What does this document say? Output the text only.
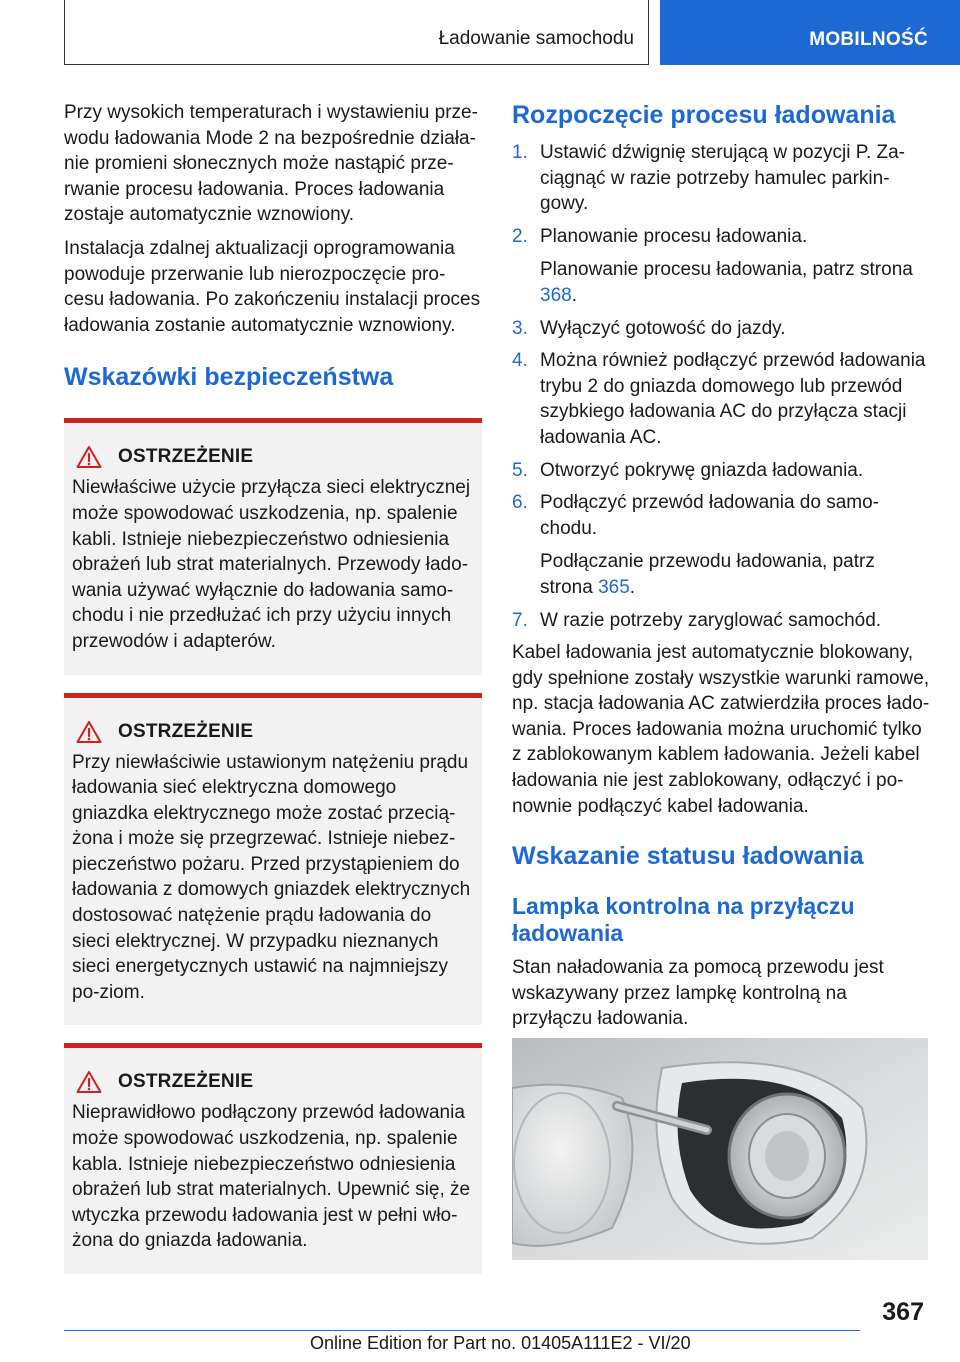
Ładowanie samochodu	MOBILNOŚĆ

Przy wysokich temperaturach i wystawieniu prze-wodu ładowania Mode 2 na bezpośrednie działa-nie promieni słonecznych może nastąpić prze-rwanie procesu ładowania. Proces ładowania zostaje automatycznie wznowiony.

Instalacja zdalnej aktualizacji oprogramowania powoduje przerwanie lub nierozpoczęcie pro-cesu ładowania. Po zakończeniu instalacji proces ładowania zostanie automatycznie wznowiony.

Wskazówki bezpieczeństwa
OSTRZEŻENIE

Niewłaściwe użycie przyłącza sieci elektrycznej może spowodować uszkodzenia, np. spalenie kabli. Istnieje niebezpieczeństwo odniesienia obrażeń lub strat materialnych. Przewody łado-wania używać wyłącznie do ładowania samo-chodu i nie przedłużać ich przy użyciu innych przewodów i adapterów.

OSTRZEŻENIE

Przy niewłaściwie ustawionym natężeniu prądu ładowania sieć elektryczna domowego gniazdka elektrycznego może zostać przecią-żona i może się przegrzewać. Istnieje niebez-pieczeństwo pożaru. Przed przystąpieniem do ładowania z domowych gniazdek elektrycznych dostosować natężenie prądu ładowania do sieci elektrycznej. W przypadku nieznanych sieci energetycznych ustawić na najmniejszy po-ziom.

OSTRZEŻENIE

Nieprawidłowo podłączony przewód ładowania może spowodować uszkodzenia, np. spalenie kabla. Istnieje niebezpieczeństwo odniesienia obrażeń lub strat materialnych. Upewnić się, że wtyczka przewodu ładowania jest w pełni wło-żona do gniazda ładowania.

Rozpoczęcie procesu ładowania
1. Ustawić dźwignię sterującą w pozycji P. Za-ciągnąć w razie potrzeby hamulec parkin-gowy.
2. Planowanie procesu ładowania.
Planowanie procesu ładowania, patrz strona 368.
3. Wyłączyć gotowość do jazdy.
4. Można również podłączyć przewód ładowania trybu 2 do gniazda domowego lub przewód szybkiego ładowania AC do przyłącza stacji ładowania AC.
5. Otworzyć pokrywę gniazda ładowania.
6. Podłączyć przewód ładowania do samo-chodu.
Podłączanie przewodu ładowania, patrz strona 365.
7. W razie potrzeby zaryglować samochód.

Kabel ładowania jest automatycznie blokowany, gdy spełnione zostały wszystkie warunki ramowe, np. stacja ładowania AC zatwierdziła proces łado-wania. Proces ładowania można uruchomić tylko z zablokowanym kablem ładowania. Jeżeli kabel ładowania nie jest zablokowany, odłączyć i po-nownie podłączyć kabel ładowania.

Wskazanie statusu ładowania
Lampka kontrolna na przyłączu ładowania

Stan naładowania za pomocą przewodu jest wskazywany przez lampkę kontrolną na przyłączu ładowania.

367
Online Edition for Part no. 01405A111E2 - VI/20
